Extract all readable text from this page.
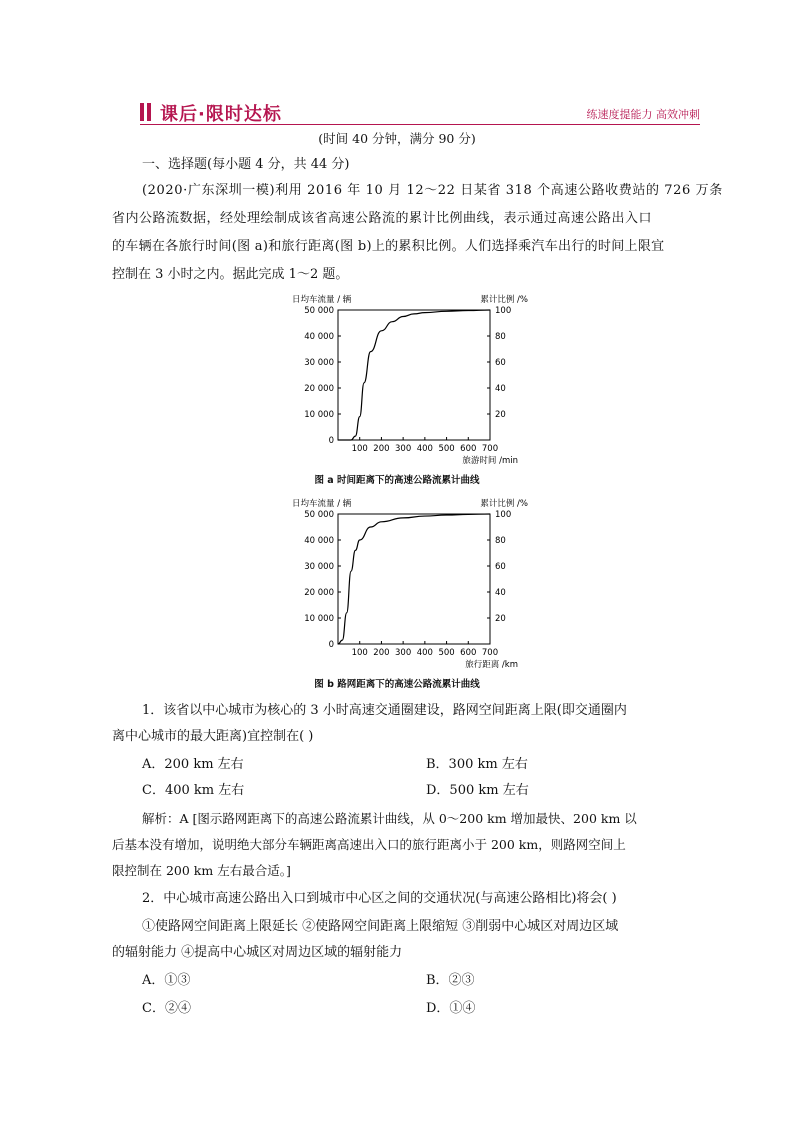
课后·限时达标	练速度提能力 高效冲刺
(时间 40 分钟，满分 90 分)
一、选择题(每小题 4 分，共 44 分)
(2020·广东深圳一模)利用 2016 年 10 月 12～22 日某省 318 个高速公路收费站的 726 万条
省内公路流数据，经处理绘制成该省高速公路流的累计比例曲线，表示通过高速公路出入口
的车辆在各旅行时间(图 a)和旅行距离(图 b)上的累积比例。人们选择乘汽车出行的时间上限宜
控制在 3 小时之内。据此完成 1～2 题。
日均车流量 / 辆	累计比例 /%
0
10 000
20 000
30 000
40 000
50 000
20
40
60
80
100
100 200 300 400 500 600 700
旅游时间 /min
图 a 时间距离下的高速公路流累计曲线
日均车流量 / 辆	累计比例 /%
0
10 000
20 000
30 000
40 000
50 000
20
40
60
80
100
100 200 300 400 500 600 700
旅行距离 /km
图 b 路网距离下的高速公路流累计曲线
1．该省以中心城市为核心的 3 小时高速交通圈建设，路网空间距离上限(即交通圈内
离中心城市的最大距离)宜控制在( )
A．200 km 左右	B．300 km 左右
C．400 km 左右	D．500 km 左右
解析：A [图示路网距离下的高速公路流累计曲线，从 0～200 km 增加最快、200 km 以
后基本没有增加，说明绝大部分车辆距离高速出入口的旅行距离小于 200 km，则路网空间上
限控制在 200 km 左右最合适。]
2．中心城市高速公路出入口到城市中心区之间的交通状况(与高速公路相比)将会( )
①使路网空间距离上限延长 ②使路网空间距离上限缩短 ③削弱中心城区对周边区域
的辐射能力 ④提高中心城区对周边区域的辐射能力
A．①③	B．②③
C．②④	D．①④
